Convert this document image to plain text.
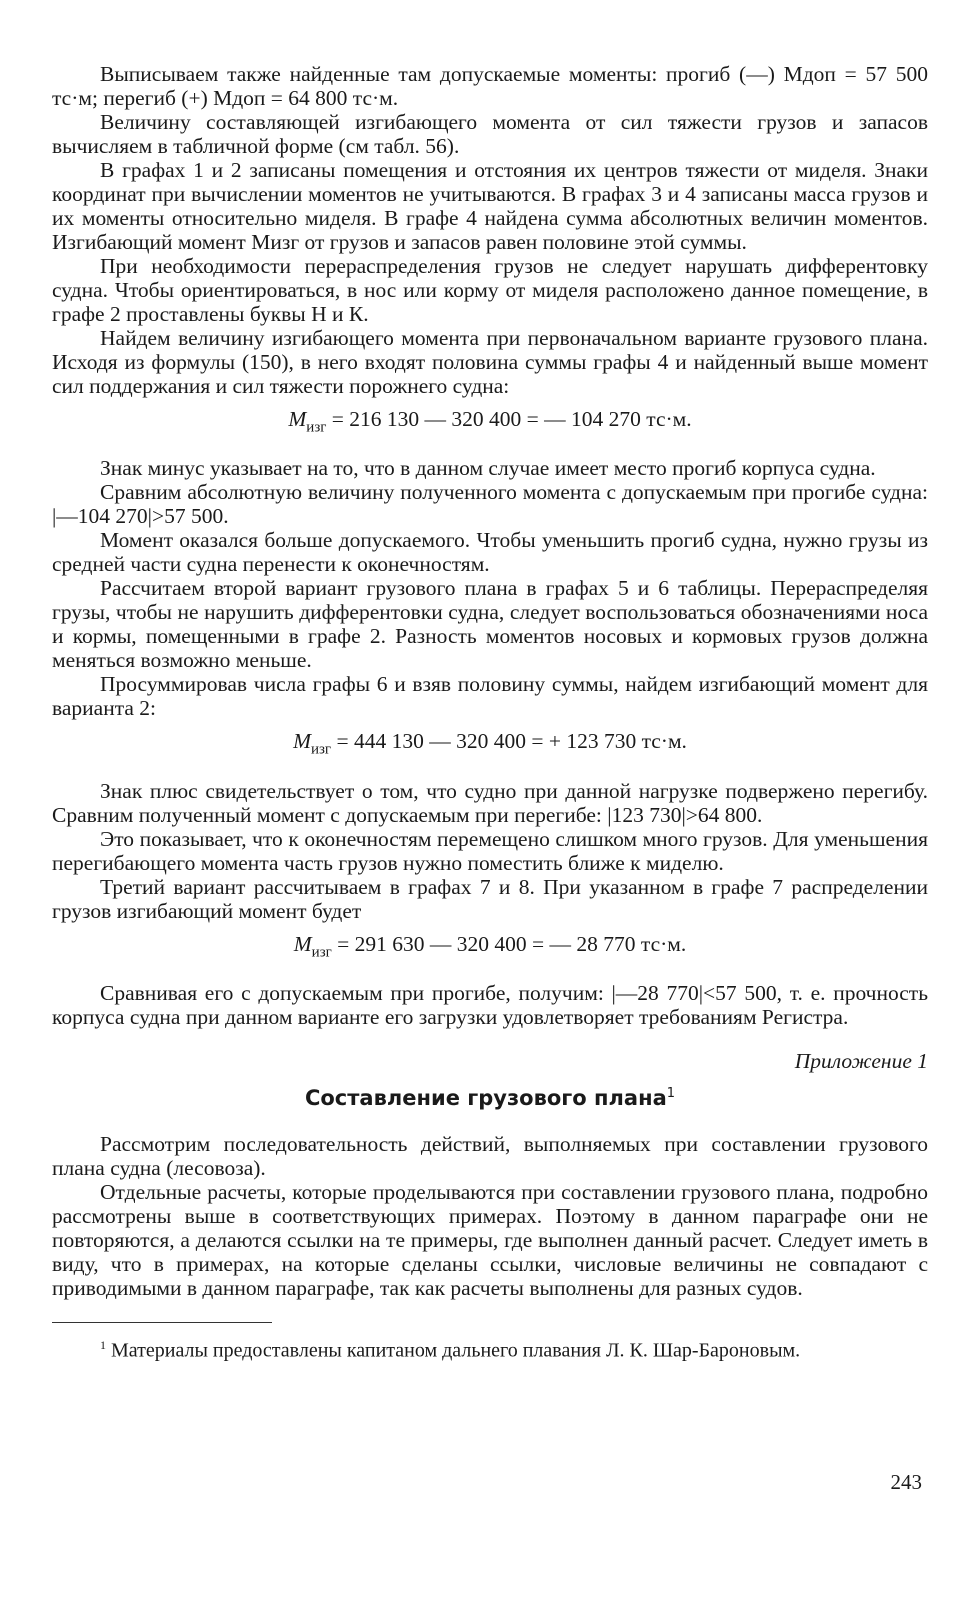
Выписываем также найденные там допускаемые моменты: прогиб (—) Мдоп = 57 500 тс·м; перегиб (+) Мдоп = 64 800 тс·м.

Величину составляющей изгибающего момента от сил тяжести грузов и запасов вычисляем в табличной форме (см табл. 56).

В графах 1 и 2 записаны помещения и отстояния их центров тяжести от миделя. Знаки координат при вычислении моментов не учитываются. В графах 3 и 4 записаны масса грузов и их моменты относительно миделя. В графе 4 найдена сумма абсолютных величин моментов. Изгибающий момент Мизг от грузов и запасов равен половине этой суммы.

При необходимости перераспределения грузов не следует нарушать дифферентовку судна. Чтобы ориентироваться, в нос или корму от миделя расположено данное помещение, в графе 2 проставлены буквы Н и К.

Найдем величину изгибающего момента при первоначальном варианте грузового плана. Исходя из формулы (150), в него входят половина суммы графы 4 и найденный выше момент сил поддержания и сил тяжести порожнего судна:

$М_{изг} = 216$ 130 — 320 400 = — 104 270 тс·м.

Знак минус указывает на то, что в данном случае имеет место прогиб корпуса судна.

Сравним абсолютную величину полученного момента с допускаемым при прогибе судна: |—104 270|>57 500.

Момент оказался больше допускаемого. Чтобы уменьшить прогиб судна, нужно грузы из средней части судна перенести к оконечностям.

Рассчитаем второй вариант грузового плана в графах 5 и 6 таблицы. Перераспределяя грузы, чтобы не нарушить дифферентовки судна, следует воспользоваться обозначениями носа и кормы, помещенными в графе 2. Разность моментов носовых и кормовых грузов должна меняться возможно меньше.

Просуммировав числа графы 6 и взяв половину суммы, найдем изгибающий момент для варианта 2:

$М_{изг} = 444$ 130 — 320 400 = + 123 730 тс·м.

Знак плюс свидетельствует о том, что судно при данной нагрузке подвержено перегибу. Сравним полученный момент с допускаемым при перегибе: |123 730|>64 800.

Это показывает, что к оконечностям перемещено слишком много грузов. Для уменьшения перегибающего момента часть грузов нужно поместить ближе к миделю.

Третий вариант рассчитываем в графах 7 и 8. При указанном в графе 7 распределении грузов изгибающий момент будет

$М_{изг} = 291$ 630 — 320 400 = — 28 770 тс·м.

Сравнивая его с допускаемым при прогибе, получим: |—28 770|<57 500, т. е. прочность корпуса судна при данном варианте его загрузки удовлетворяет требованиям Регистра.

Приложение 1
Составление грузового плана$^1$

Рассмотрим последовательность действий, выполняемых при составлении грузового плана судна (лесовоза).

Отдельные расчеты, которые проделываются при составлении грузового плана, подробно рассмотрены выше в соответствующих примерах. Поэтому в данном параграфе они не повторяются, а делаются ссылки на те примеры, где выполнен данный расчет. Следует иметь в виду, что в примерах, на которые сделаны ссылки, числовые величины не совпадают с приводимыми в данном параграфе, так как расчеты выполнены для разных судов.

$^1$ Материалы предоставлены капитаном дальнего плавания Л. К. Шар-Бароновым.
243
